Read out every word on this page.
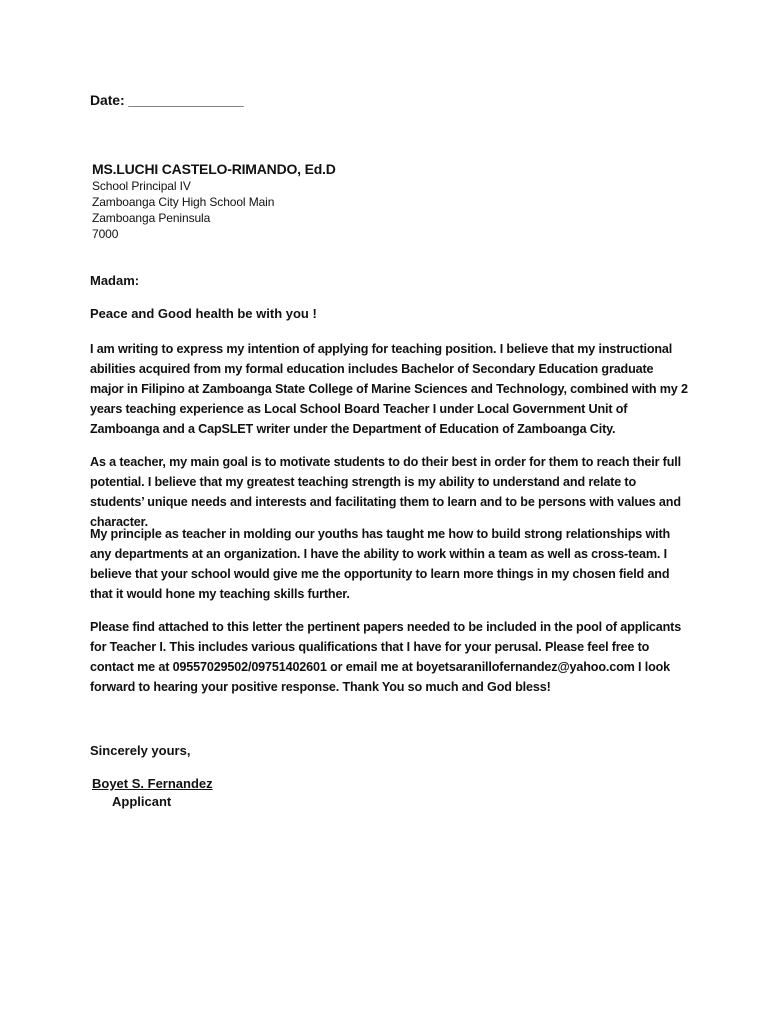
Date: _______________
MS.LUCHI CASTELO-RIMANDO, Ed.D
School Principal IV
Zamboanga City High School Main
Zamboanga Peninsula
7000
Madam:
Peace and Good health be with you !

I am writing to express my intention of applying for teaching position. I believe that my instructional abilities acquired from my formal education includes Bachelor of Secondary Education graduate major in Filipino at Zamboanga State College of Marine Sciences and Technology, combined with my 2 years teaching experience as Local School Board Teacher I under Local Government Unit of Zamboanga and a CapSLET writer under the Department of Education of Zamboanga City.

As a teacher, my main goal is to motivate students to do their best in order for them to reach their full potential. I believe that my greatest teaching strength is my ability to understand and relate to students’ unique needs and interests and facilitating them to learn and to be persons with values and character.

My principle as teacher in molding our youths has taught me how to build strong relationships with any departments at an organization. I have the ability to work within a team as well as cross-team. I believe that your school would give me the opportunity to learn more things in my chosen field and that it would hone my teaching skills further.

Please find attached to this letter the pertinent papers needed to be included in the pool of applicants for Teacher I. This includes various qualifications that I have for your perusal. Please feel free to contact me at 09557029502/09751402601 or email me at boyetsaranillofernandez@yahoo.com I look forward to hearing your positive response. Thank You so much and God bless!

Sincerely yours,
Boyet S. Fernandez
Applicant
